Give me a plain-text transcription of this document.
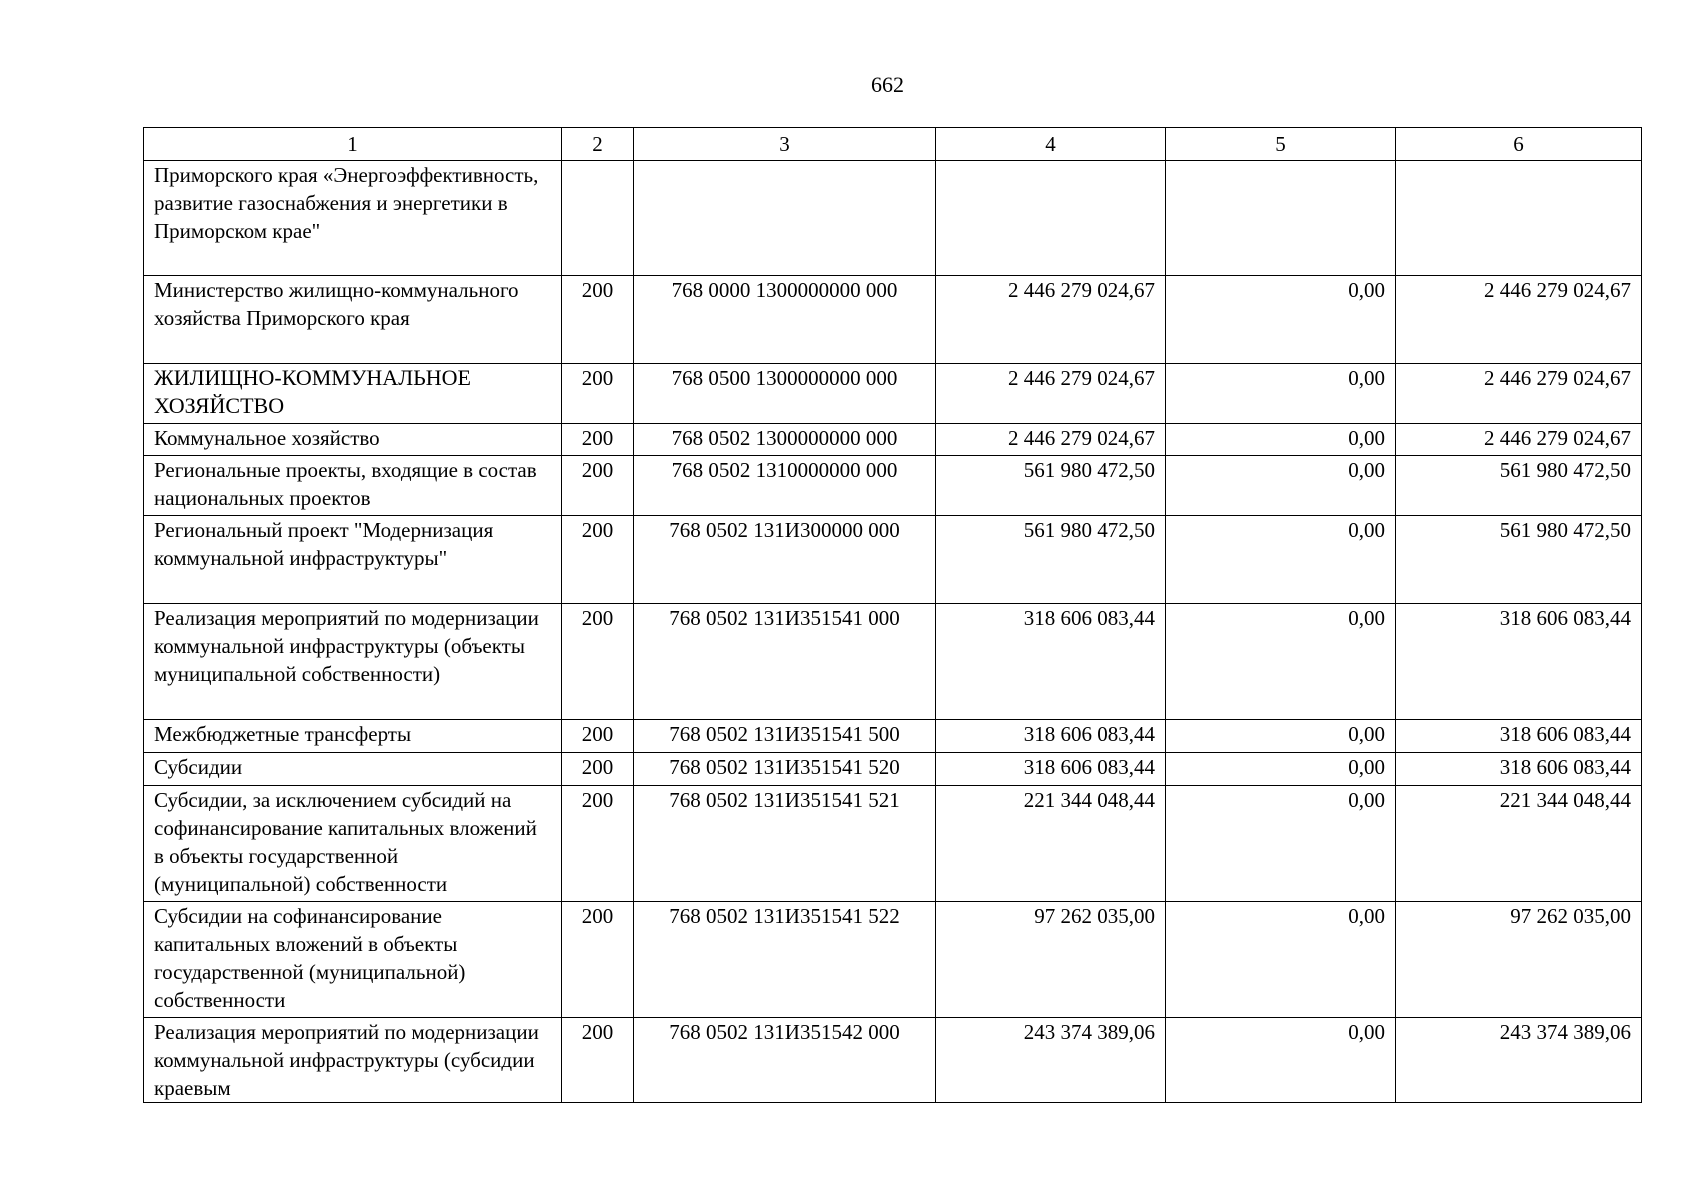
662
1	2	3	4	5	6
Приморского края «Энергоэффективность, развитие газоснабжения и энергетики в Приморском крае"					
Министерство жилищно-коммунального хозяйства Приморского края	200	768 0000 1300000000 000	2 446 279 024,67	0,00	2 446 279 024,67
ЖИЛИЩНО-КОММУНАЛЬНОЕ ХОЗЯЙСТВО	200	768 0500 1300000000 000	2 446 279 024,67	0,00	2 446 279 024,67
Коммунальное хозяйство	200	768 0502 1300000000 000	2 446 279 024,67	0,00	2 446 279 024,67
Региональные проекты, входящие в состав национальных проектов	200	768 0502 1310000000 000	561 980 472,50	0,00	561 980 472,50
Региональный проект "Модернизация коммунальной инфраструктуры"	200	768 0502 131И300000 000	561 980 472,50	0,00	561 980 472,50
Реализация мероприятий по модернизации коммунальной инфраструктуры (объекты муниципальной собственности)	200	768 0502 131И351541 000	318 606 083,44	0,00	318 606 083,44
Межбюджетные трансферты	200	768 0502 131И351541 500	318 606 083,44	0,00	318 606 083,44
Субсидии	200	768 0502 131И351541 520	318 606 083,44	0,00	318 606 083,44
Субсидии, за исключением субсидий на софинансирование капитальных вложений в объекты государственной (муниципальной) собственности	200	768 0502 131И351541 521	221 344 048,44	0,00	221 344 048,44
Субсидии на софинансирование капитальных вложений в объекты государственной (муниципальной) собственности	200	768 0502 131И351541 522	97 262 035,00	0,00	97 262 035,00
Реализация мероприятий по модернизации коммунальной инфраструктуры (субсидии краевым	200	768 0502 131И351542 000	243 374 389,06	0,00	243 374 389,06
